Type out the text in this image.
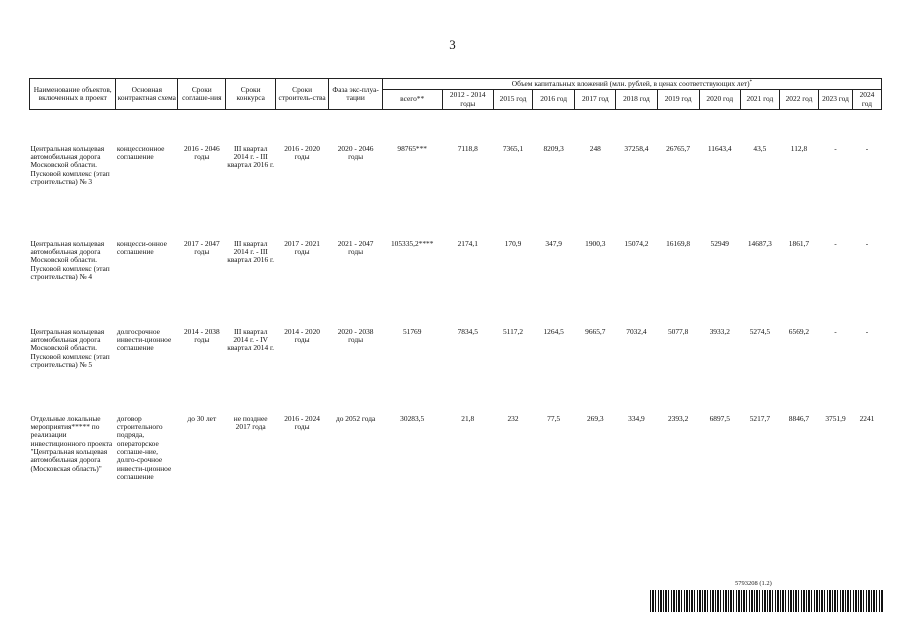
3
Наименование объектов, включенных в проект	Основная контрактная схема	Сроки соглаше-ния	Сроки конкурса	Сроки строитель-ства	Фаза экс-плуа-тации	Объем капитальных вложений (млн. рублей, в ценах соответствующих лет)*
						всего**	2012 - 2014 годы	2015 год	2016 год	2017 год	2018 год	2019 год	2020 год	2021 год	2022 год	2023 год	2024 год

Центральная кольцевая автомобильная дорога Московской области. Пусковой комплекс (этап строительства) № 3	концессионное соглашение	2016 - 2046 годы	III квартал 2014 г. - III квартал 2016 г.	2016 - 2020 годы	2020 - 2046 годы	98765***	7118,8	7365,1	8209,3	248	37258,4	26765,7	11643,4	43,5	112,8	-	-
Центральная кольцевая автомобильная дорога Московской области. Пусковой комплекс (этап строительства) № 4	концесси-онное соглашение	2017 - 2047 годы	III квартал 2014 г. - III квартал 2016 г.	2017 - 2021 годы	2021 - 2047 годы	105335,2****	2174,1	170,9	347,9	1900,3	15074,2	16169,8	52949	14687,3	1861,7	-	-
Центральная кольцевая автомобильная дорога Московской области. Пусковой комплекс (этап строительства) № 5	долгосрочное инвести-ционное соглашение	2014 - 2038 годы	III квартал 2014 г. - IV квартал 2014 г.	2014 - 2020 годы	2020 - 2038 годы	51769	7834,5	5117,2	1264,5	9665,7	7032,4	5077,8	3933,2	5274,5	6569,2	-	-
Отдельные локальные мероприятия***** по реализации инвестиционного проекта "Центральная кольцевая автомобильная дорога (Московская область)"	договор строительного подряда, операторское соглаше-ние, долго-срочное инвести-ционное соглашение	до 30 лет	не позднее 2017 года	2016 - 2024 годы	до 2052 года	30283,5	21,8	232	77,5	269,3	334,9	2393,2	6897,5	5217,7	8846,7	3751,9	2241
5793208 (1.2)
